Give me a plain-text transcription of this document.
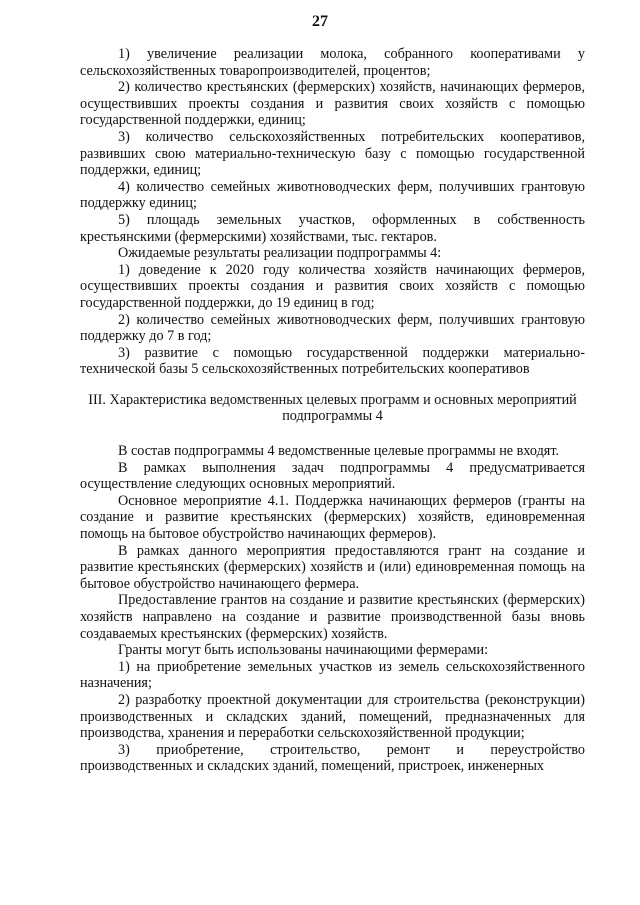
27

1) увеличение реализации молока, собранного кооперативами у сельскохозяйственных товаропроизводителей, процентов;

2) количество крестьянских (фермерских) хозяйств, начинающих фермеров, осуществивших проекты создания и развития своих хозяйств с помощью государственной поддержки, единиц;

3) количество сельскохозяйственных потребительских кооперативов, развивших свою материально-техническую базу с помощью государственной поддержки, единиц;

4) количество семейных животноводческих ферм, получивших грантовую поддержку единиц;

5) площадь земельных участков, оформленных в собственность крестьянскими (фермерскими) хозяйствами, тыс. гектаров.

Ожидаемые результаты реализации подпрограммы 4:

1) доведение к 2020 году количества хозяйств начинающих фермеров, осуществивших проекты создания и развития своих хозяйств с помощью государственной поддержки, до 19 единиц в год;

2) количество семейных животноводческих ферм, получивших грантовую поддержку до 7 в год;

3) развитие с помощью государственной поддержки материально-технической базы 5 сельскохозяйственных потребительских кооперативов

III. Характеристика ведомственных целевых программ и основных мероприятий подпрограммы 4

В состав подпрограммы 4 ведомственные целевые программы не входят.

В рамках выполнения задач подпрограммы 4 предусматривается осуществление следующих основных мероприятий.

Основное мероприятие 4.1. Поддержка начинающих фермеров (гранты на создание и развитие крестьянских (фермерских) хозяйств, единовременная помощь на бытовое обустройство начинающих фермеров).

В рамках данного мероприятия предоставляются грант на создание и развитие крестьянских (фермерских) хозяйств и (или) единовременная помощь на бытовое обустройство начинающего фермера.

Предоставление грантов на создание и развитие крестьянских (фермерских) хозяйств направлено на создание и развитие производственной базы вновь создаваемых крестьянских (фермерских) хозяйств.

Гранты могут быть использованы начинающими фермерами:

1) на приобретение земельных участков из земель сельскохозяйственного назначения;

2) разработку проектной документации для строительства (реконструкции) производственных и складских зданий, помещений, предназначенных для производства, хранения и переработки сельскохозяйственной продукции;

3) приобретение, строительство, ремонт и переустройство производственных и складских зданий, помещений, пристроек, инженерных
